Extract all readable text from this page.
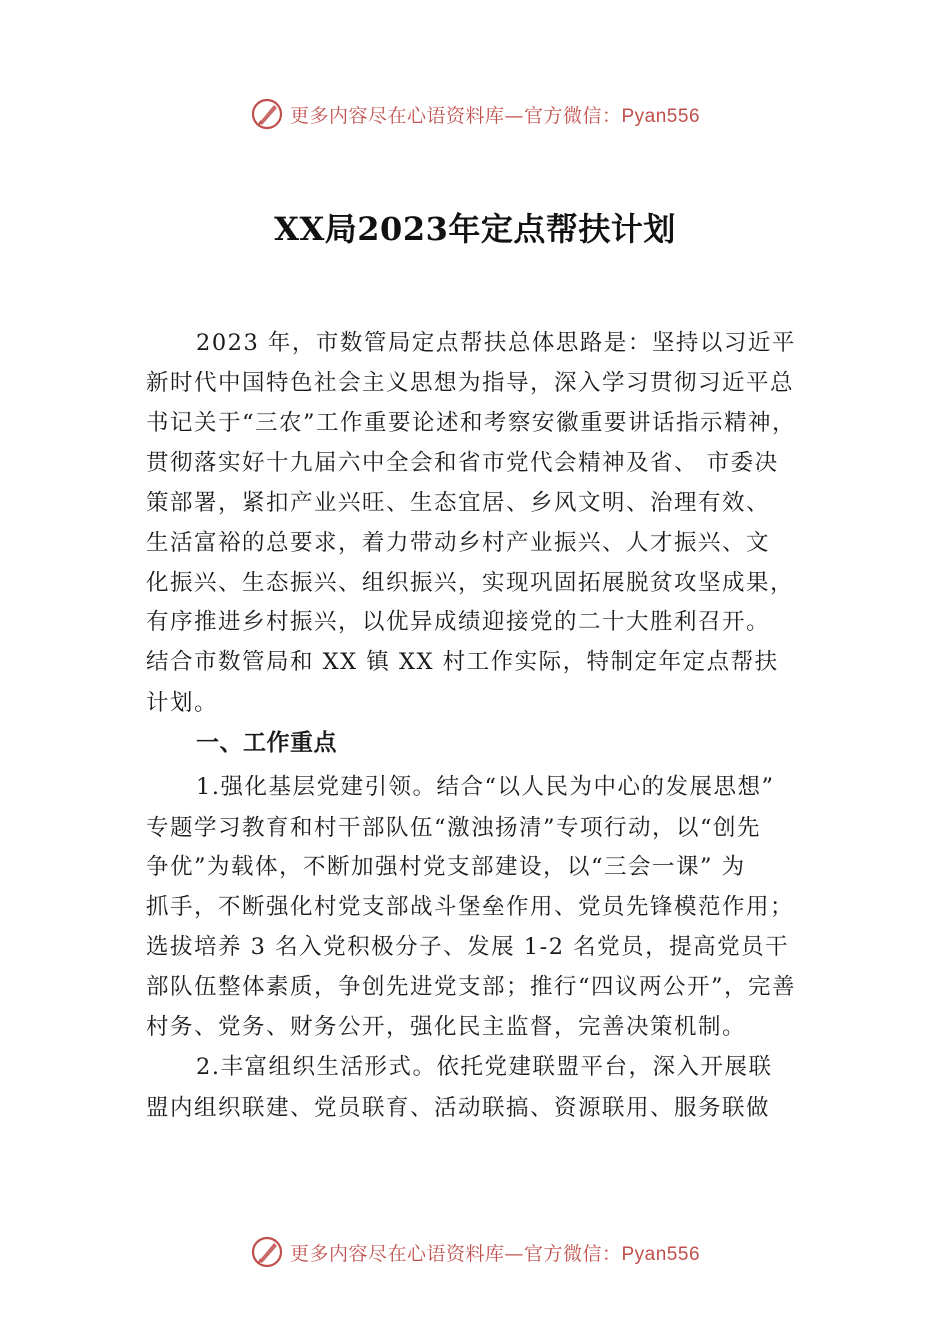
更多内容尽在心语资料库—官方微信：Pyan556
XX局2023年定点帮扶计划
2023 年，市数管局定点帮扶总体思路是：坚持以习近平
新时代中国特色社会主义思想为指导，深入学习贯彻习近平总
书记关于“三农”工作重要论述和考察安徽重要讲话指示精神，
贯彻落实好十九届六中全会和省市党代会精神及省、 市委决
策部署，紧扣产业兴旺、生态宜居、乡风文明、治理有效、
生活富裕的总要求，着力带动乡村产业振兴、人才振兴、文
化振兴、生态振兴、组织振兴，实现巩固拓展脱贫攻坚成果，
有序推进乡村振兴，以优异成绩迎接党的二十大胜利召开。
结合市数管局和 XX 镇 XX 村工作实际，特制定年定点帮扶
计划。
一、工作重点
1.强化基层党建引领。结合“以人民为中心的发展思想”
专题学习教育和村干部队伍“激浊扬清”专项行动，以“创先
争优”为载体，不断加强村党支部建设，以“三会一课” 为
抓手，不断强化村党支部战斗堡垒作用、党员先锋模范作用；
选拔培养 3 名入党积极分子、发展 1-2 名党员，提高党员干
部队伍整体素质，争创先进党支部；推行“四议两公开”，完善
村务、党务、财务公开，强化民主监督，完善决策机制。
2.丰富组织生活形式。依托党建联盟平台，深入开展联
盟内组织联建、党员联育、活动联搞、资源联用、服务联做
更多内容尽在心语资料库—官方微信：Pyan556
